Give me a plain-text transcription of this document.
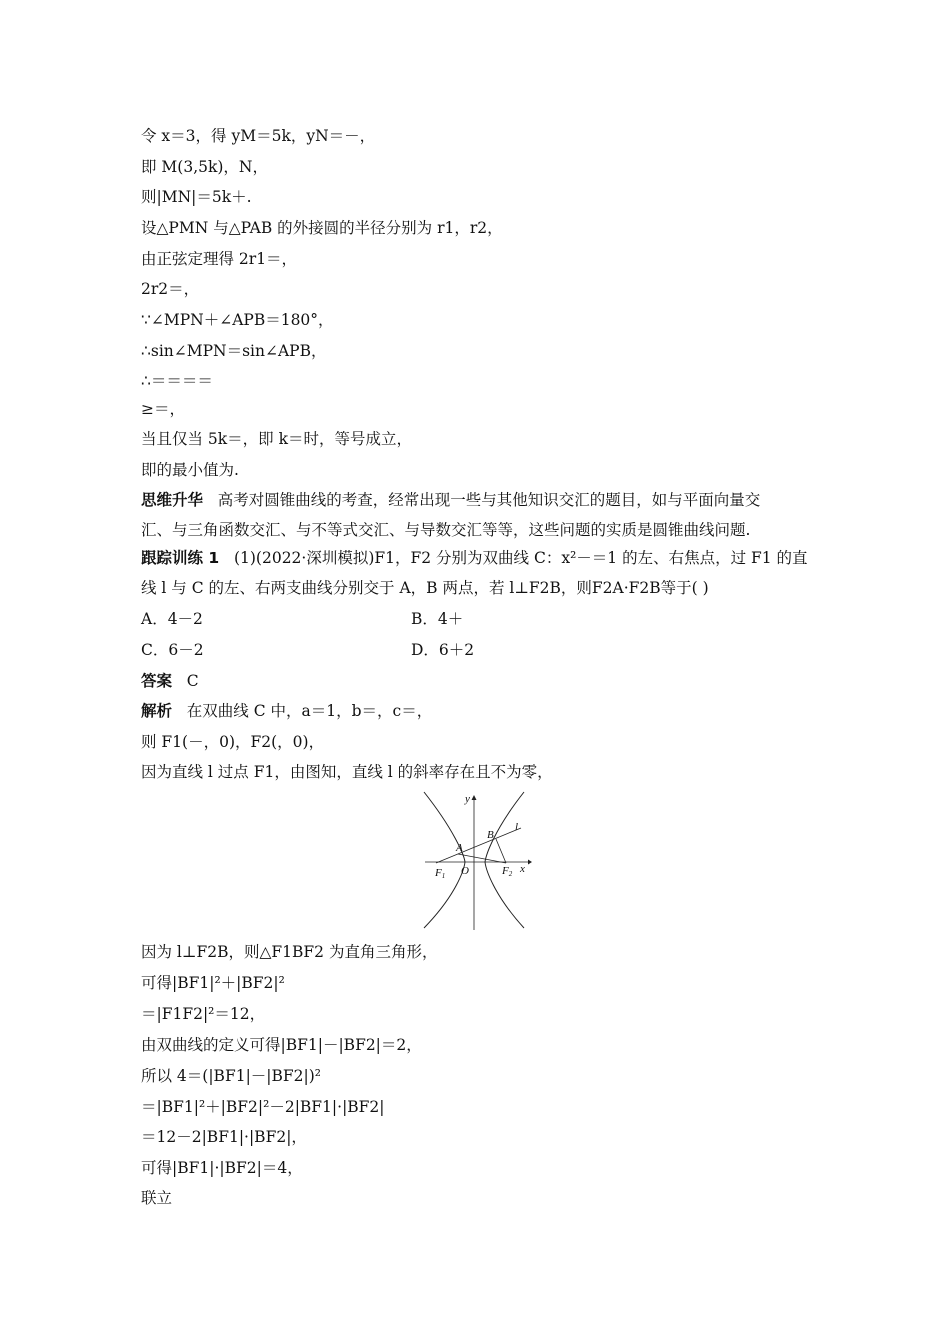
令 x＝3，得 yM＝5k，yN＝－，
即 M(3,5k)，N，
则|MN|＝5k＋.
设△PMN 与△PAB 的外接圆的半径分别为 r1，r2，
由正弦定理得 2r1＝，
2r2＝，
∵∠MPN＋∠APB＝180°，
∴sin∠MPN＝sin∠APB，
∴＝＝＝＝
≥＝，
当且仅当 5k＝，即 k＝时，等号成立，
即的最小值为.
思维升华 高考对圆锥曲线的考查，经常出现一些与其他知识交汇的题目，如与平面向量交
汇、与三角函数交汇、与不等式交汇、与导数交汇等等，这些问题的实质是圆锥曲线问题.
跟踪训练 1 (1)(2022·深圳模拟)F1，F2 分别为双曲线 C：x²－＝1 的左、右焦点，过 F1 的直
线 l 与 C 的左、右两支曲线分别交于 A，B 两点，若 l⊥F2B，则F2A·F2B等于( )
A．4－2	B．4＋
C．6－2	D．6＋2
答案 C
解析 在双曲线 C 中，a＝1，b＝，c＝，
则 F1(－，0)，F2(，0)，
因为直线 l 过点 F1，由图知，直线 l 的斜率存在且不为零，
y
x
A
B
l
F1 O	F2
因为 l⊥F2B，则△F1BF2 为直角三角形，
可得|BF1|²＋|BF2|²
＝|F1F2|²＝12，
由双曲线的定义可得|BF1|－|BF2|＝2，
所以 4＝(|BF1|－|BF2|)²
＝|BF1|²＋|BF2|²－2|BF1|·|BF2|
＝12－2|BF1|·|BF2|，
可得|BF1|·|BF2|＝4，
联立
